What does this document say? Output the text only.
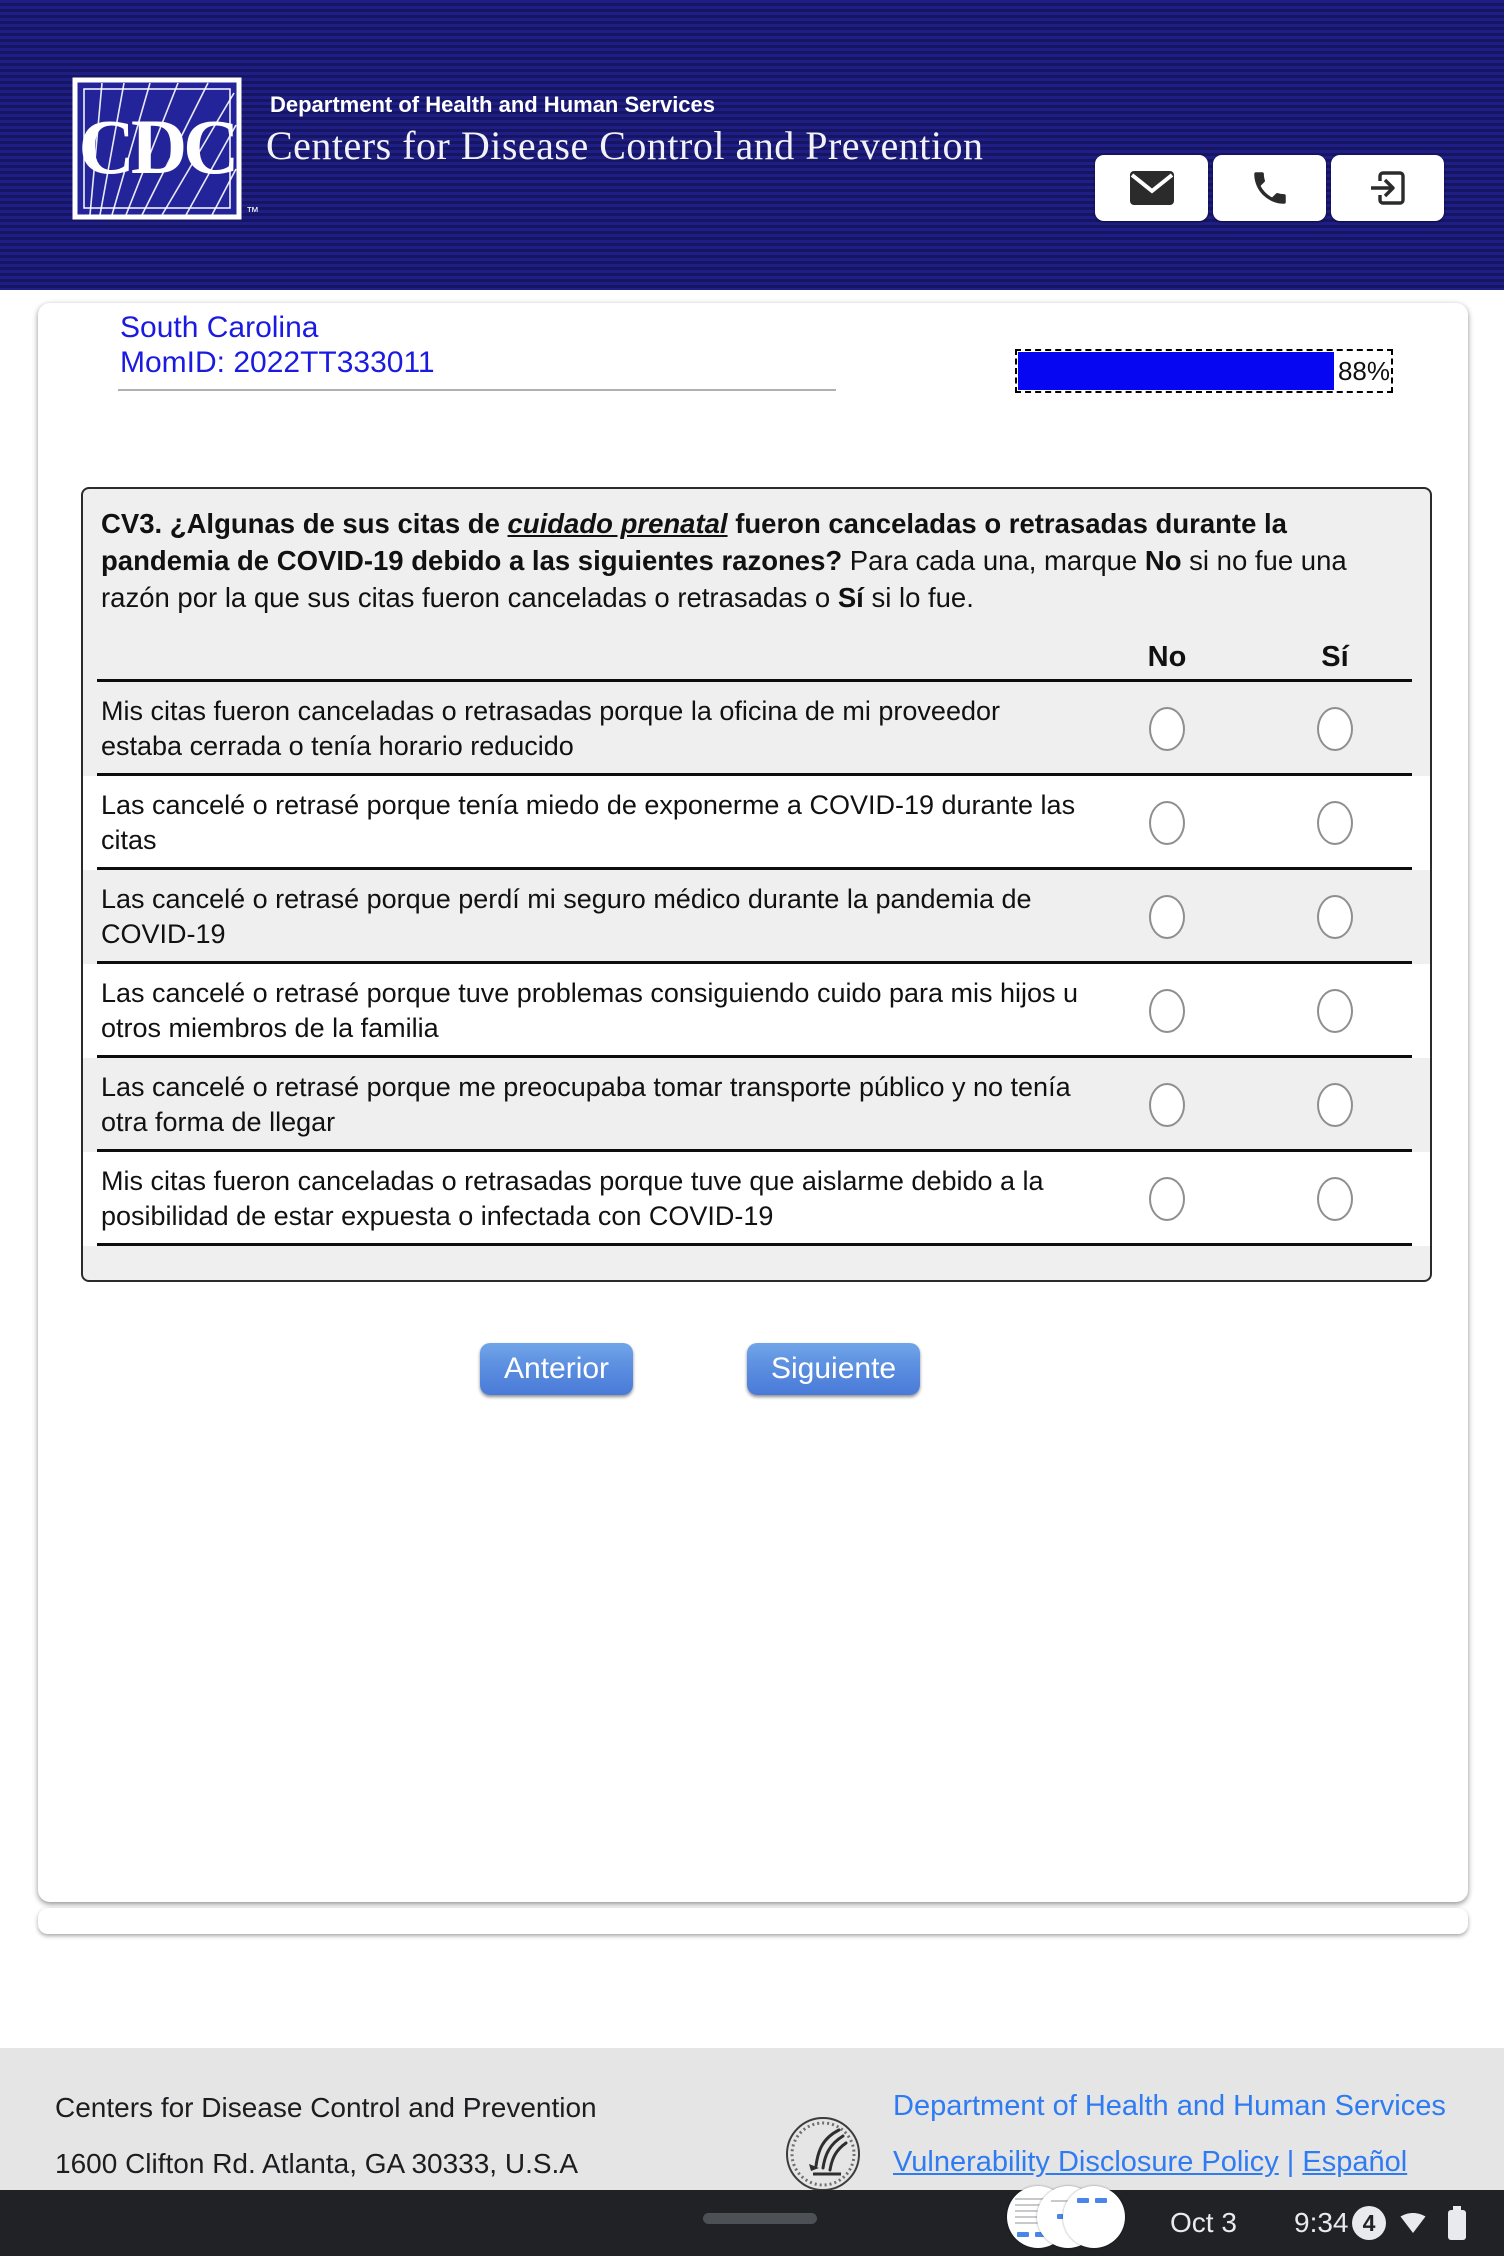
CDC
™
Department of Health and Human Services
Centers for Disease Control and Prevention
South Carolina
MomID: 2022TT333011	88%
CV3. ¿Algunas de sus citas de cuidado prenatal fueron canceladas o retrasadas durante la pandemia de COVID-19 debido a las siguientes razones? Para cada una, marque No si no fue una razón por la que sus citas fueron canceladas o retrasadas o Sí si lo fue.
No	Sí
Mis citas fueron canceladas o retrasadas porque la oficina de mi proveedor estaba cerrada o tenía horario reducido
Las cancelé o retrasé porque tenía miedo de exponerme a COVID-19 durante las citas
Las cancelé o retrasé porque perdí mi seguro médico durante la pandemia de COVID-19
Las cancelé o retrasé porque tuve problemas consiguiendo cuido para mis hijos u otros miembros de la familia
Las cancelé o retrasé porque me preocupaba tomar transporte público y no tenía otra forma de llegar
Mis citas fueron canceladas o retrasadas porque tuve que aislarme debido a la posibilidad de estar expuesta o infectada con COVID-19
Anterior	Siguiente
Centers for Disease Control and Prevention
1600 Clifton Rd. Atlanta, GA 30333, U.S.A
Department of Health and Human Services
Vulnerability Disclosure Policy | Español
Oct 3 9:34 4
